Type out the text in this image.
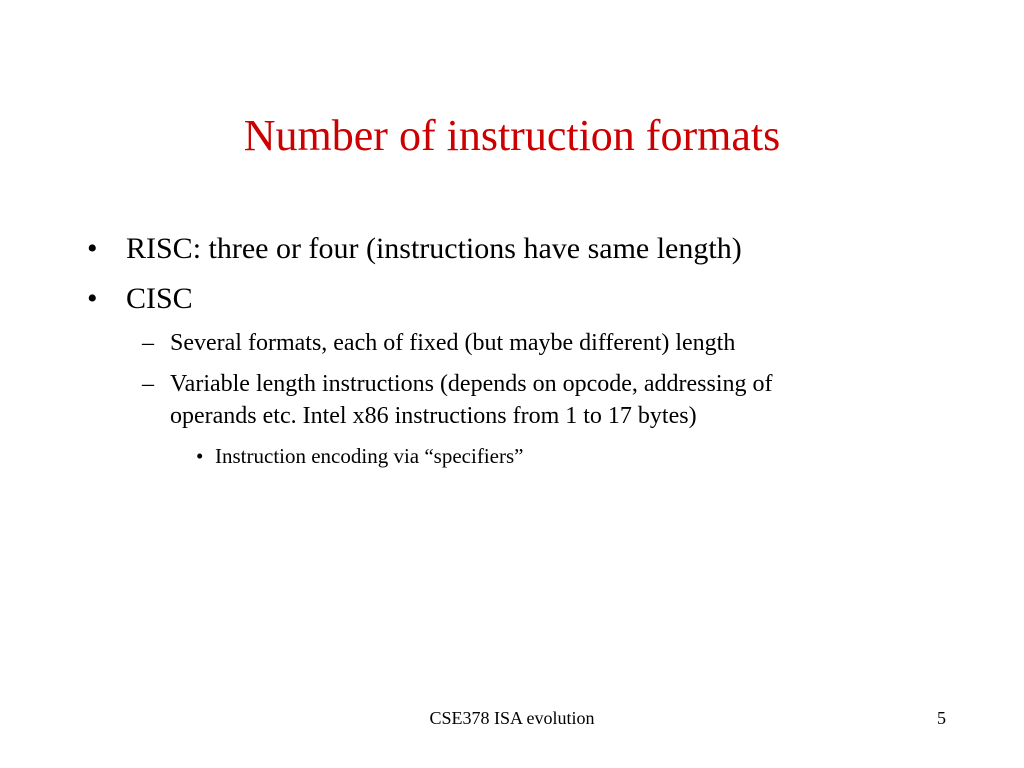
Number of instruction formats
• RISC: three or four (instructions have same length)
• CISC
– Several formats, each of fixed (but maybe different) length
– Variable length instructions (depends on opcode, addressing of
operands etc. Intel x86 instructions from 1 to 17 bytes)
• Instruction encoding via “specifiers”
CSE378 ISA evolution	5
